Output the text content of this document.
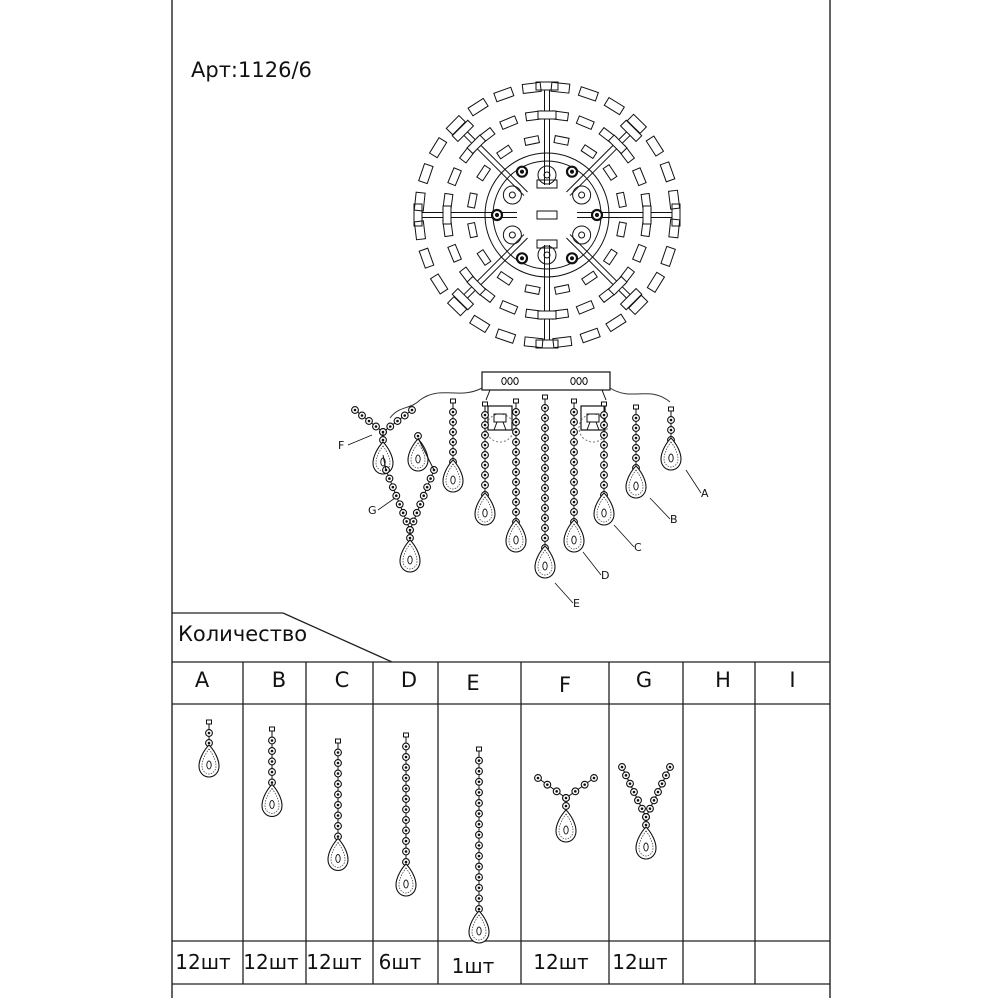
A
B
C
D
E
F
G
Арт:1126/6
Количество
A	B	C	D	E	F	G	H	I
12шт 12шт 12шт 6шт	1шт	12шт	12шт
